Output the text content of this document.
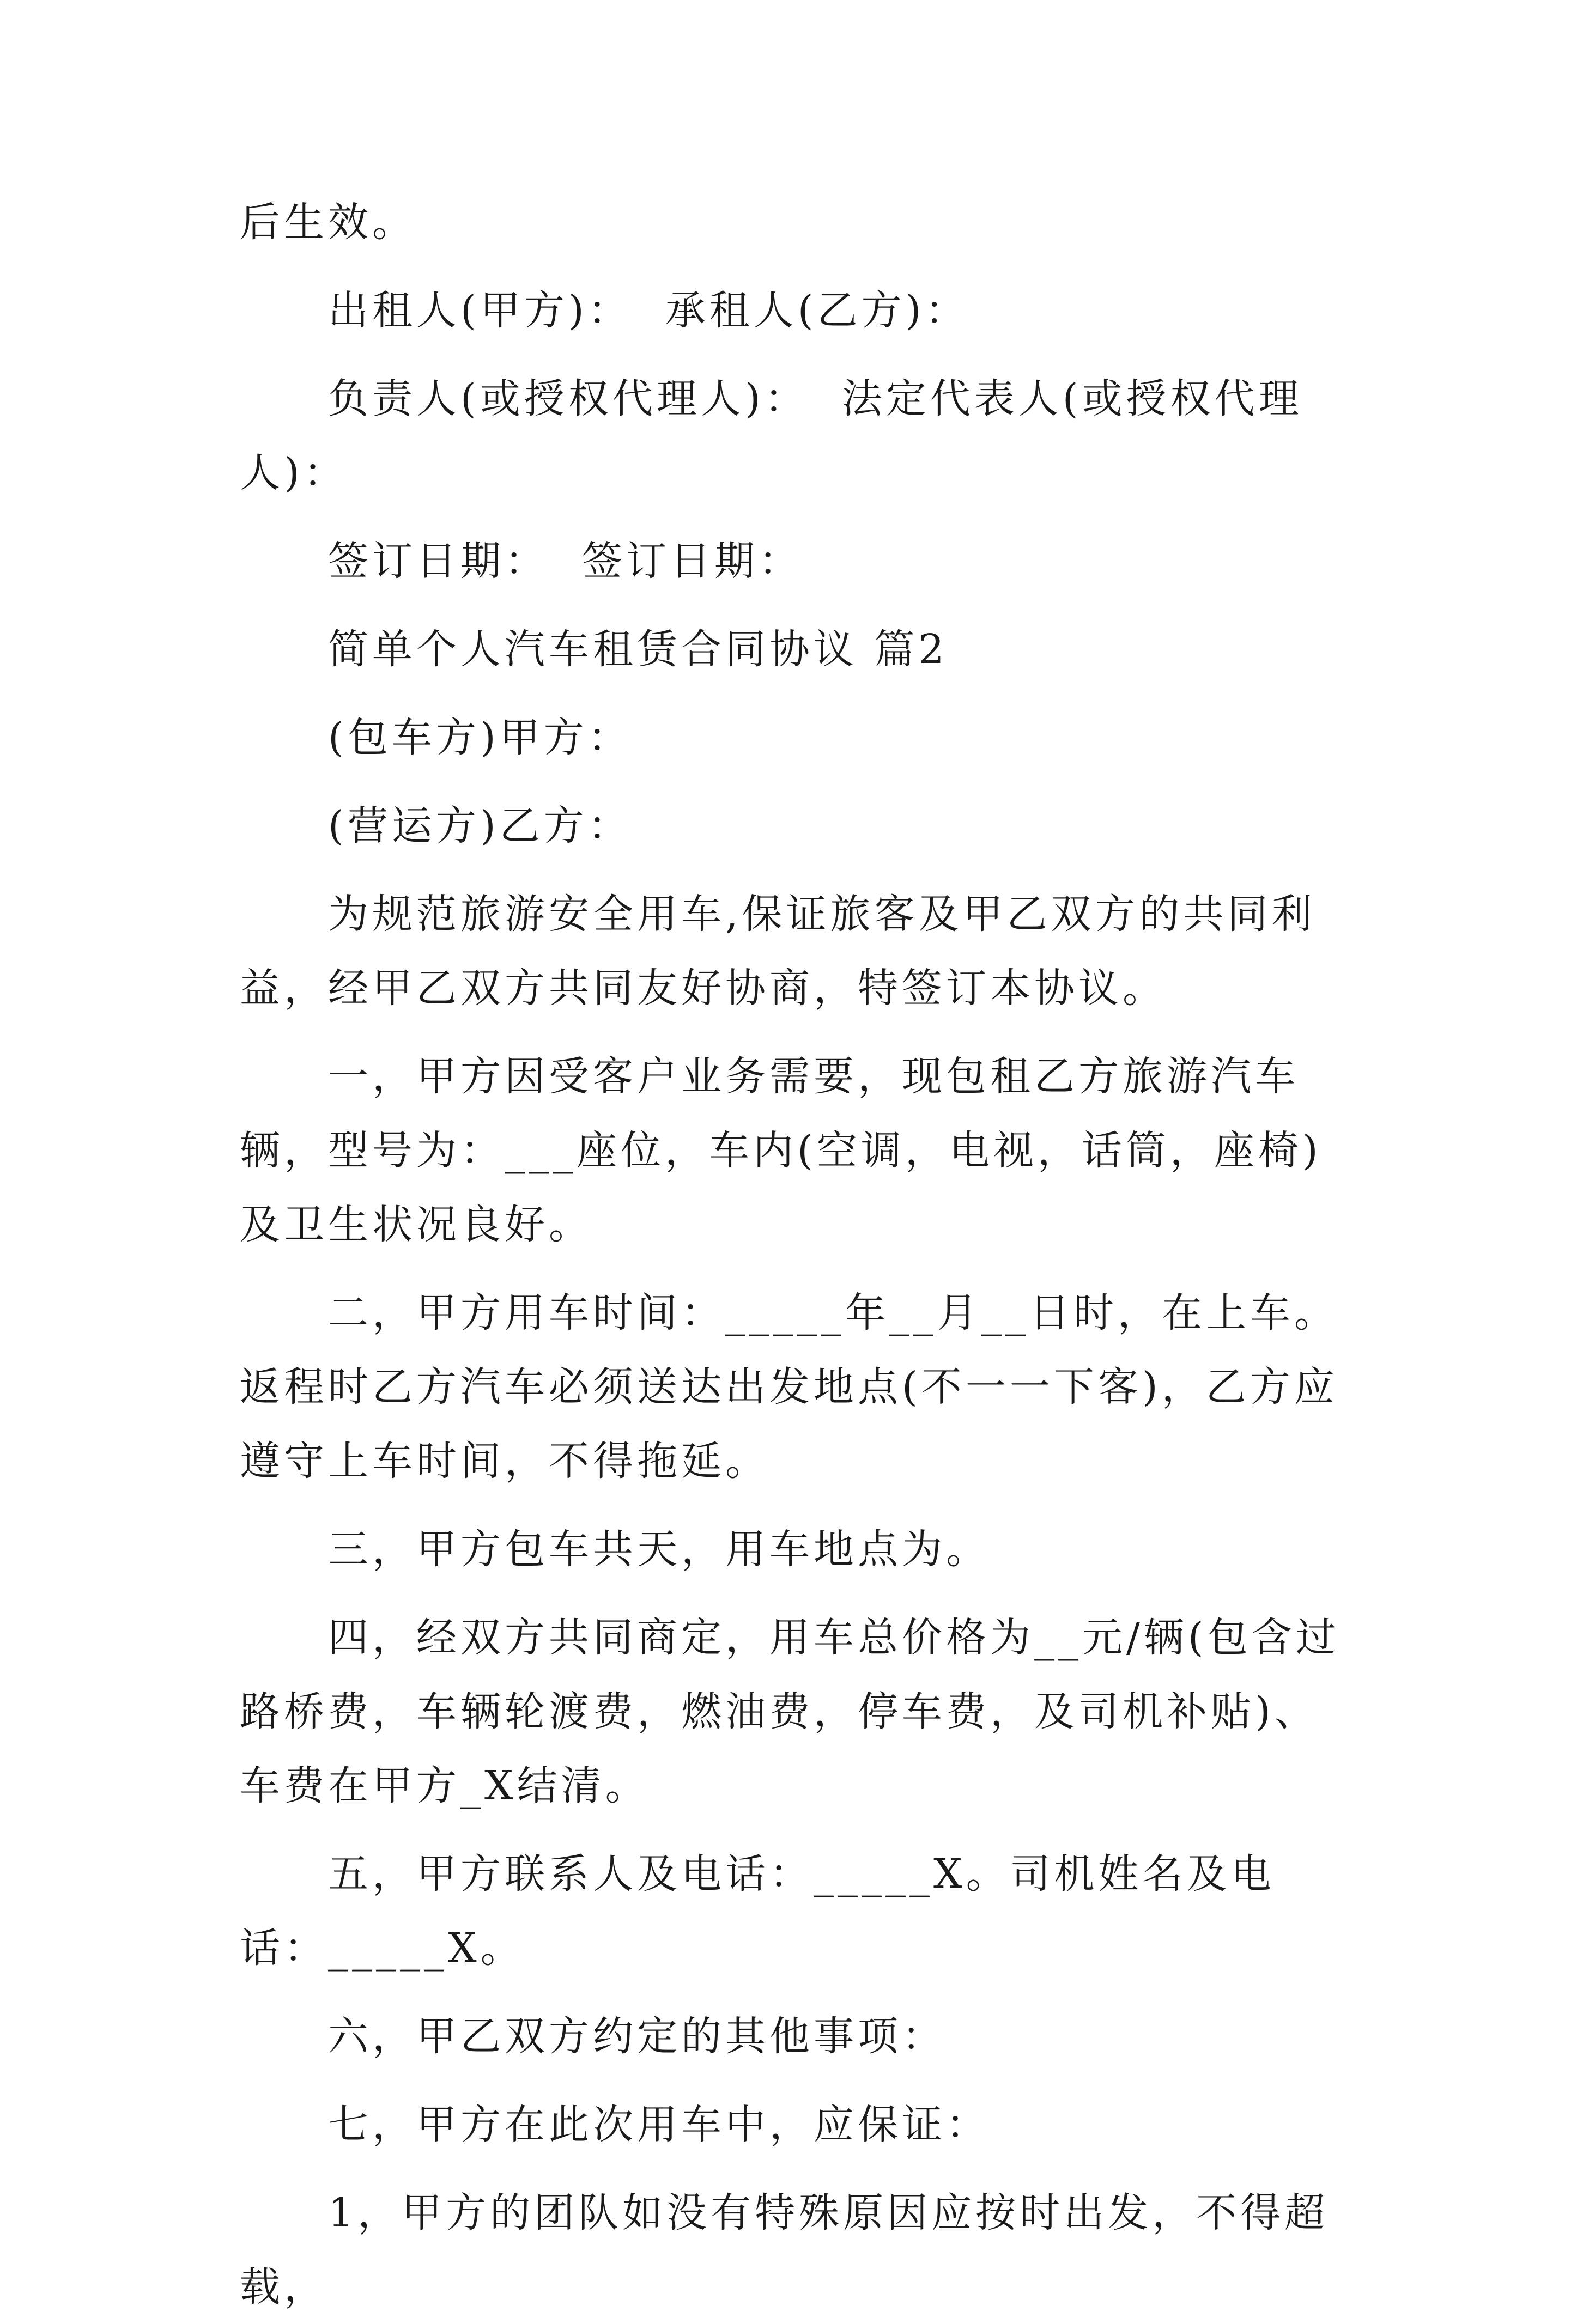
后生效。

出租人(甲方)：  承租人(乙方)：

负责人(或授权代理人)：  法定代表人(或授权代理人)：

签订日期：  签订日期：

简单个人汽车租赁合同协议 篇2

(包车方)甲方：

(营运方)乙方：

为规范旅游安全用车,保证旅客及甲乙双方的共同利益，经甲乙双方共同友好协商，特签订本协议。

一，甲方因受客户业务需要，现包租乙方旅游汽车辆，型号为：___座位，车内(空调，电视，话筒，座椅)及卫生状况良好。

二，甲方用车时间：_____年__月__日时，在上车。返程时乙方汽车必须送达出发地点(不一一下客)，乙方应遵守上车时间，不得拖延。

三，甲方包车共天，用车地点为。

四，经双方共同商定，用车总价格为__元/辆(包含过路桥费，车辆轮渡费，燃油费，停车费，及司机补贴)、车费在甲方_X结清。

五，甲方联系人及电话：_____X。司机姓名及电话：_____X。

六，甲乙双方约定的其他事项：

七，甲方在此次用车中，应保证：

1，甲方的团队如没有特殊原因应按时出发，不得超载，
